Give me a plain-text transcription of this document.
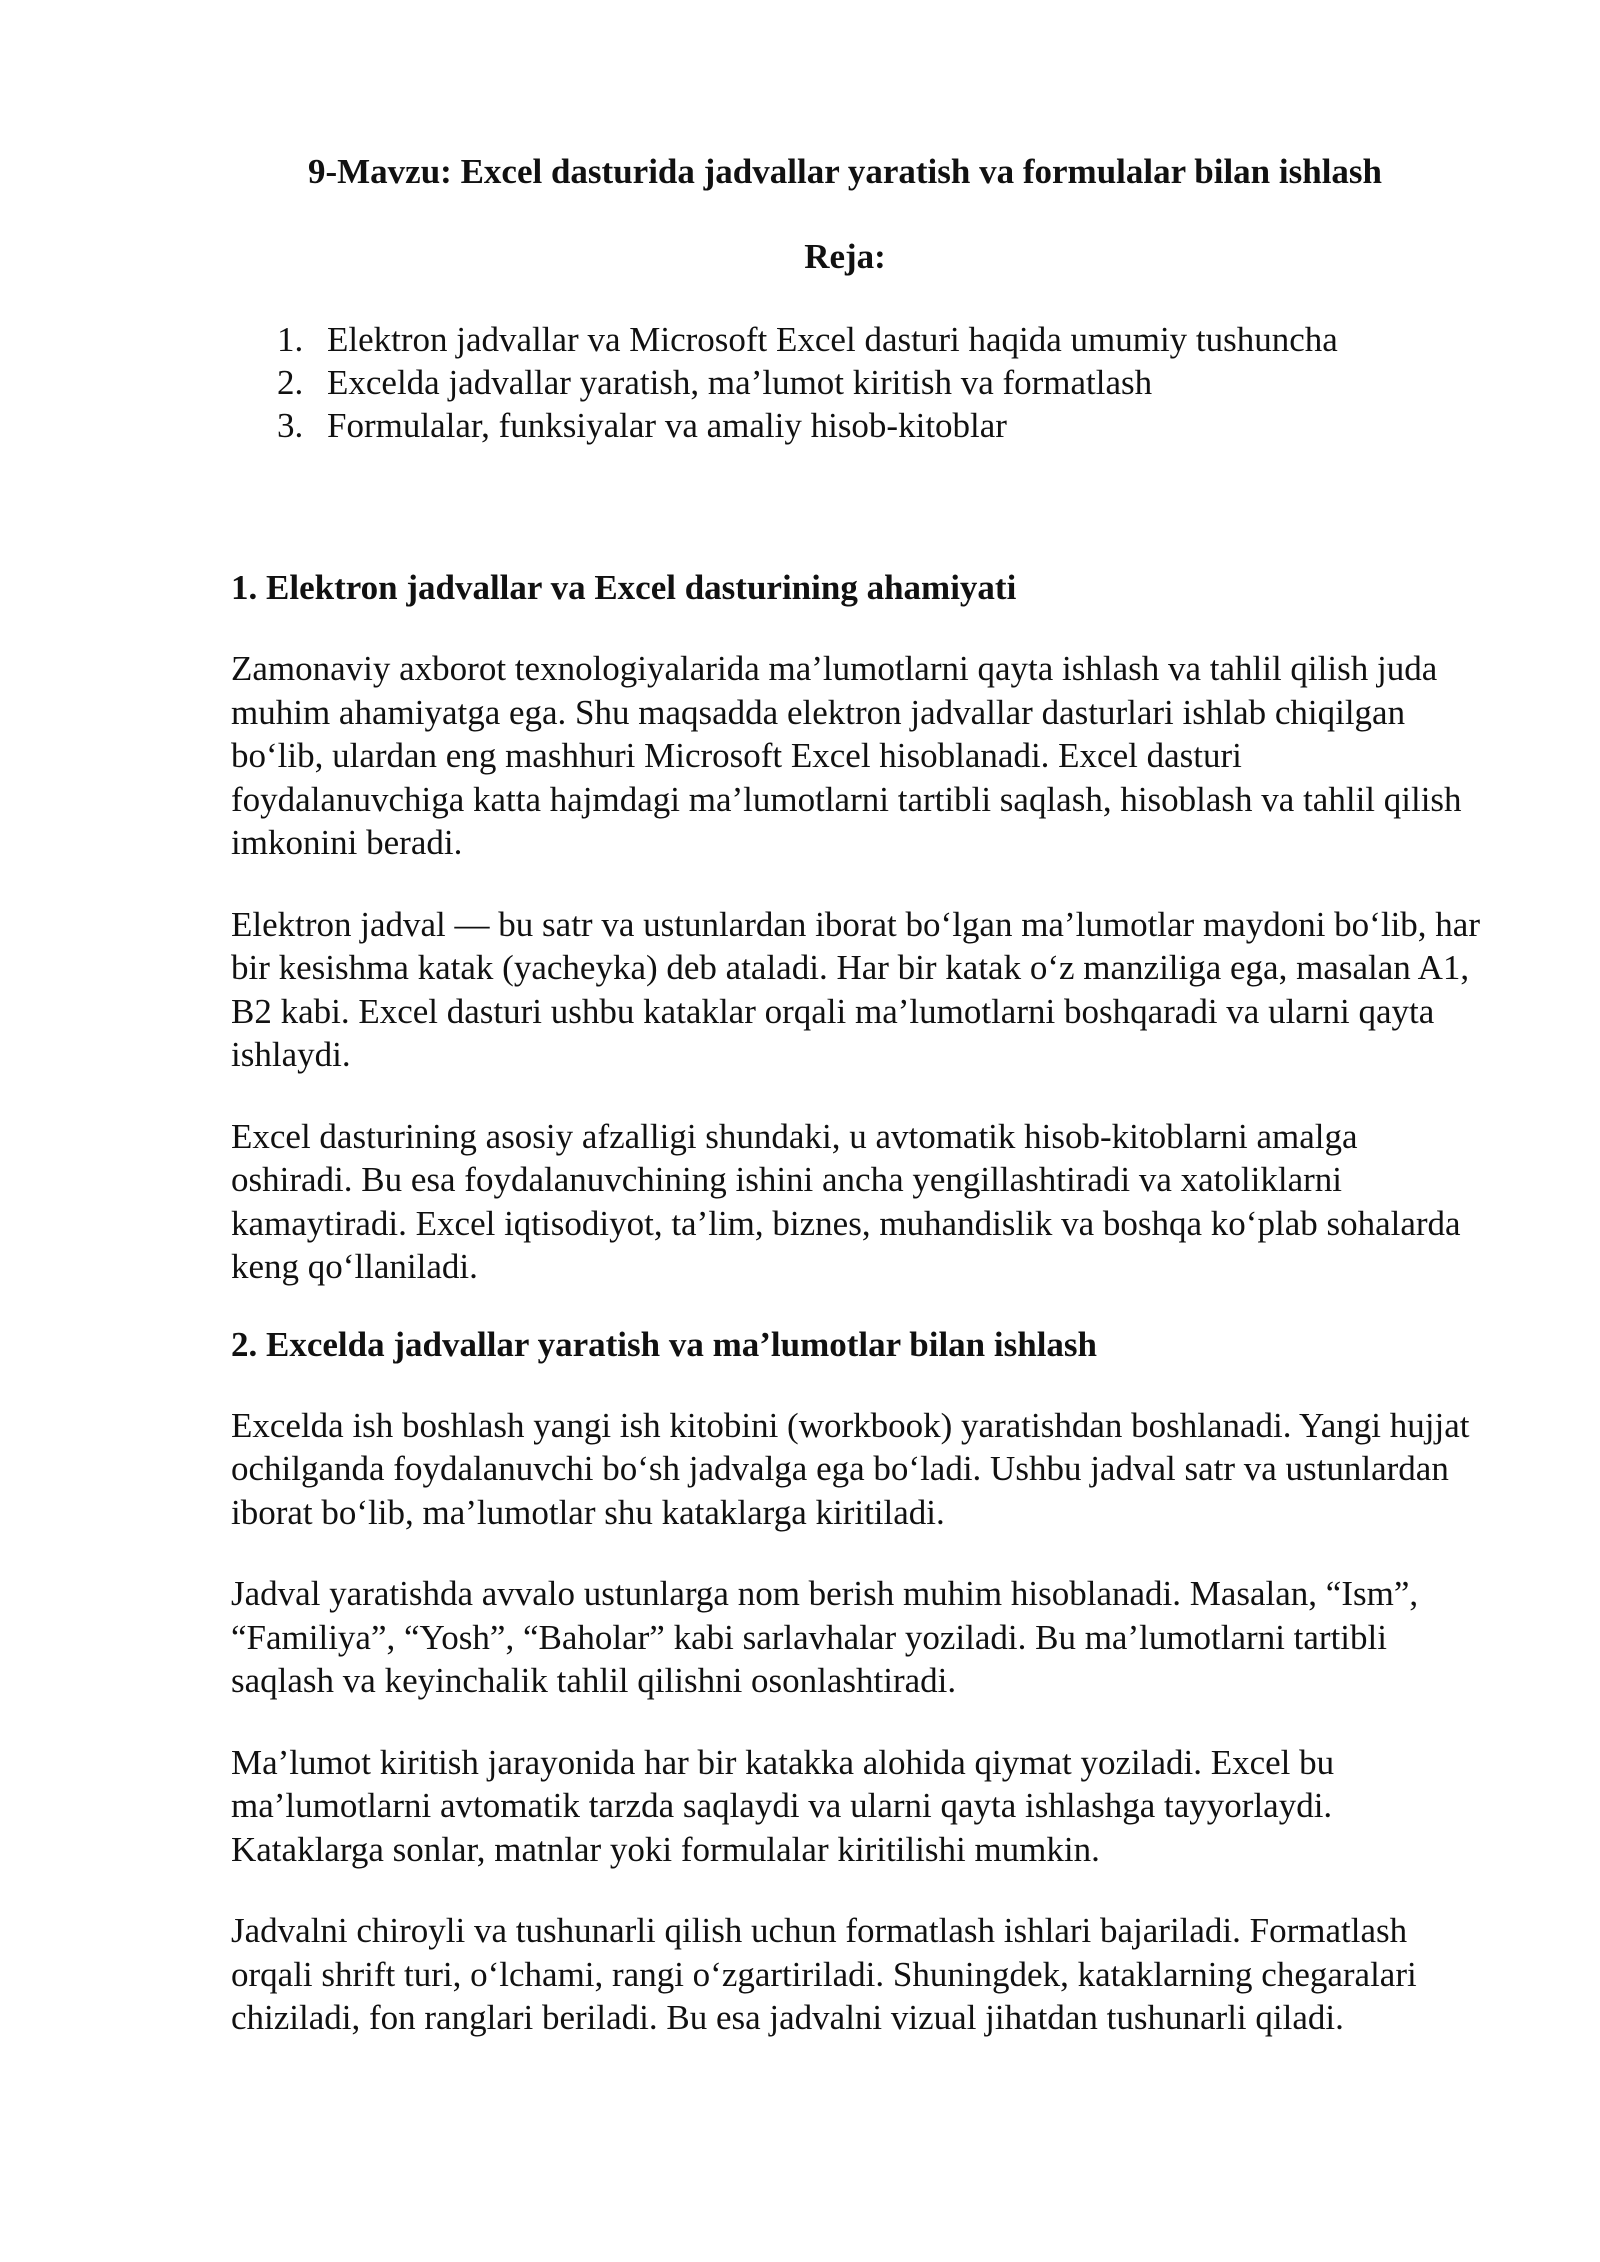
9-Mavzu: Excel dasturida jadvallar yaratish va formulalar bilan ishlash
Reja:
1. Elektron jadvallar va Microsoft Excel dasturi haqida umumiy tushuncha
2. Excelda jadvallar yaratish, ma’lumot kiritish va formatlash
3. Formulalar, funksiyalar va amaliy hisob-kitoblar
1. Elektron jadvallar va Excel dasturining ahamiyati

Zamonaviy axborot texnologiyalarida ma’lumotlarni qayta ishlash va tahlil qilish juda muhim ahamiyatga ega. Shu maqsadda elektron jadvallar dasturlari ishlab chiqilgan bo‘lib, ulardan eng mashhuri Microsoft Excel hisoblanadi. Excel dasturi foydalanuvchiga katta hajmdagi ma’lumotlarni tartibli saqlash, hisoblash va tahlil qilish imkonini beradi.

Elektron jadval — bu satr va ustunlardan iborat bo‘lgan ma’lumotlar maydoni bo‘lib, har bir kesishma katak (yacheyka) deb ataladi. Har bir katak o‘z manziliga ega, masalan A1, B2 kabi. Excel dasturi ushbu kataklar orqali ma’lumotlarni boshqaradi va ularni qayta ishlaydi.

Excel dasturining asosiy afzalligi shundaki, u avtomatik hisob-kitoblarni amalga oshiradi. Bu esa foydalanuvchining ishini ancha yengillashtiradi va xatoliklarni kamaytiradi. Excel iqtisodiyot, ta’lim, biznes, muhandislik va boshqa ko‘plab sohalarda keng qo‘llaniladi.

2. Excelda jadvallar yaratish va ma’lumotlar bilan ishlash

Excelda ish boshlash yangi ish kitobini (workbook) yaratishdan boshlanadi. Yangi hujjat ochilganda foydalanuvchi bo‘sh jadvalga ega bo‘ladi. Ushbu jadval satr va ustunlardan iborat bo‘lib, ma’lumotlar shu kataklarga kiritiladi.

Jadval yaratishda avvalo ustunlarga nom berish muhim hisoblanadi. Masalan, “Ism”, “Familiya”, “Yosh”, “Baholar” kabi sarlavhalar yoziladi. Bu ma’lumotlarni tartibli saqlash va keyinchalik tahlil qilishni osonlashtiradi.

Ma’lumot kiritish jarayonida har bir katakka alohida qiymat yoziladi. Excel bu ma’lumotlarni avtomatik tarzda saqlaydi va ularni qayta ishlashga tayyorlaydi. Kataklarga sonlar, matnlar yoki formulalar kiritilishi mumkin.

Jadvalni chiroyli va tushunarli qilish uchun formatlash ishlari bajariladi. Formatlash orqali shrift turi, o‘lchami, rangi o‘zgartiriladi. Shuningdek, kataklarning chegaralari chiziladi, fon ranglari beriladi. Bu esa jadvalni vizual jihatdan tushunarli qiladi.
